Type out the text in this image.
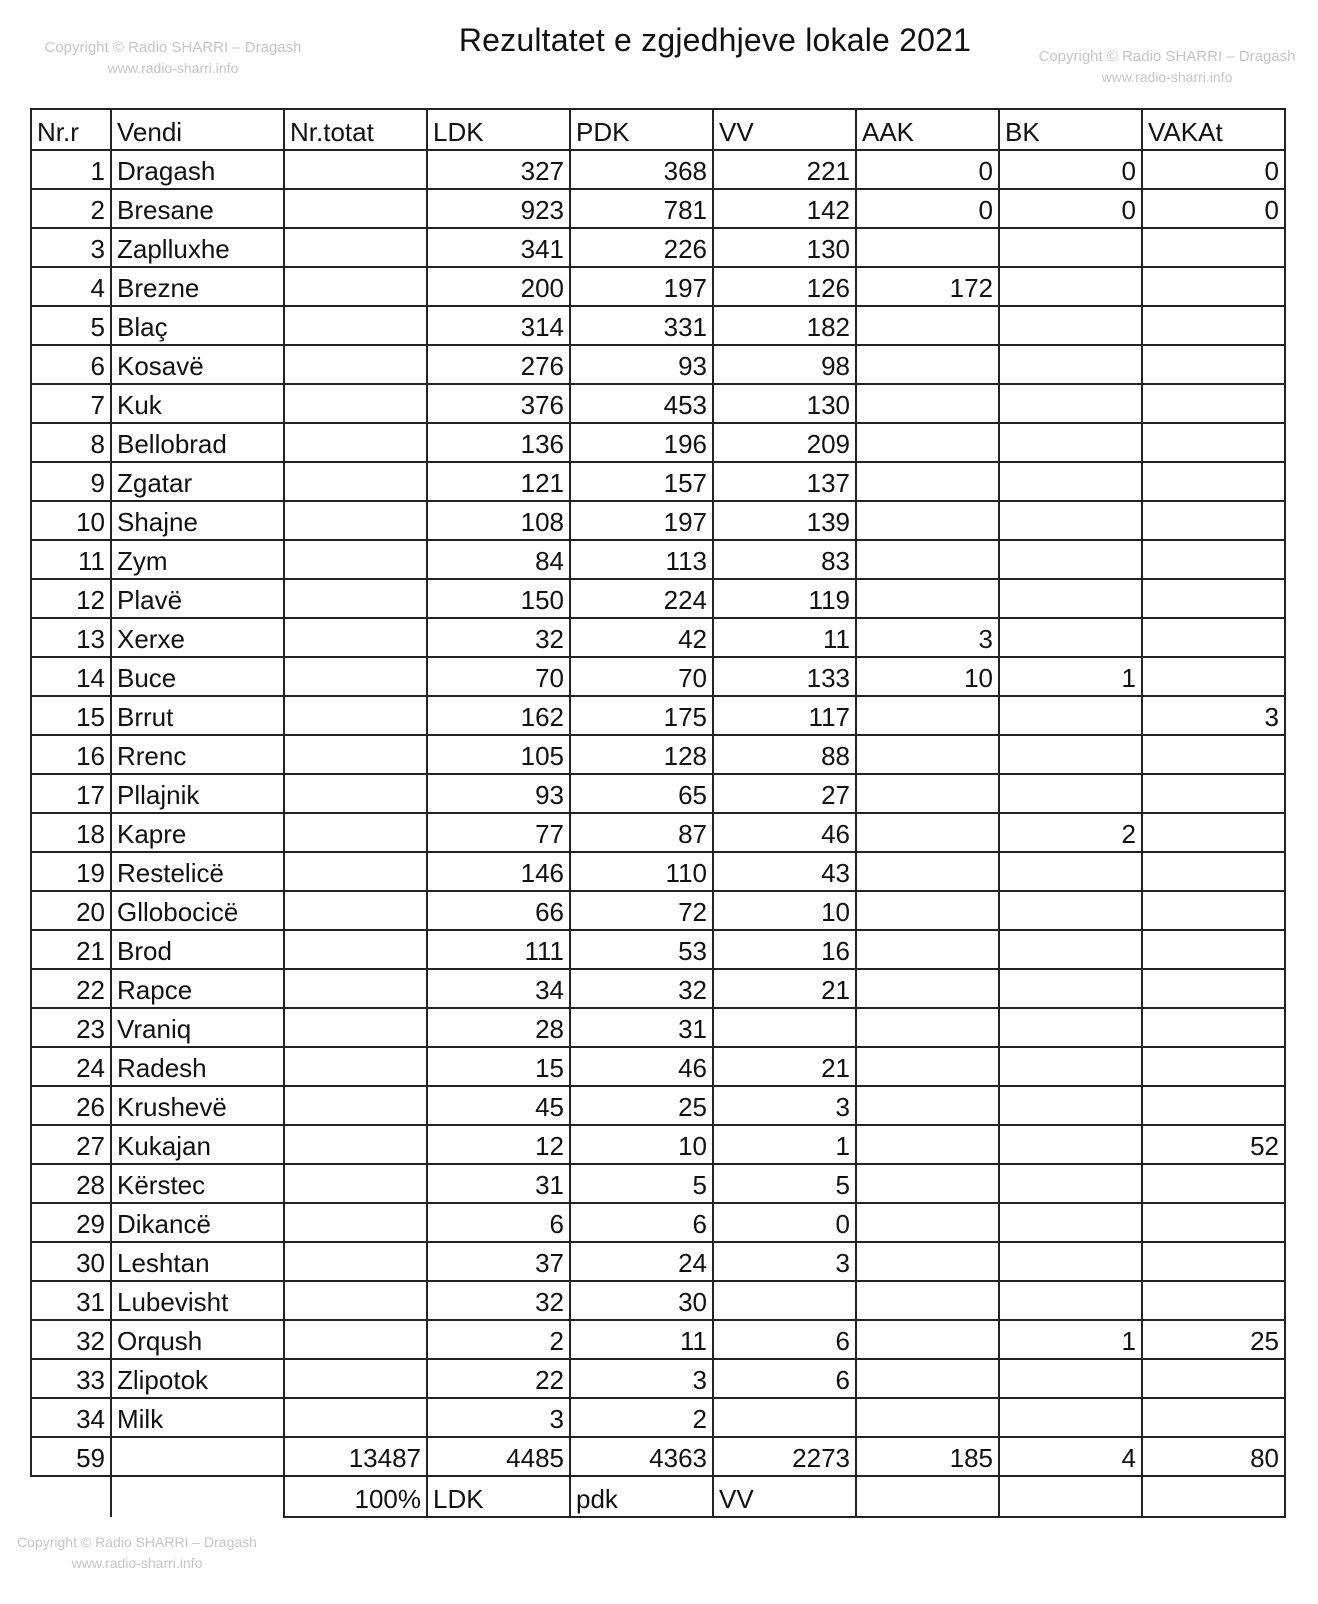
Rezultatet e zgjedhjeve lokale 2021
Copyright © Radio SHARRI – Dragash
www.radio-sharri.info
Copyright © Radio SHARRI – Dragash
www.radio-sharri.info
Copyright © Radio SHARRI – Dragash
www.radio-sharri.info
Nr.r	Vendi	Nr.totat	LDK	PDK	VV	AAK	BK	VAKAt
1	Dragash		327	368	221	0	0	0
2	Bresane		923	781	142	0	0	0
3	Zaplluxhe		341	226	130			
4	Brezne		200	197	126	172		
5	Blaç		314	331	182			
6	Kosavë		276	93	98			
7	Kuk		376	453	130			
8	Bellobrad		136	196	209			
9	Zgatar		121	157	137			
10	Shajne		108	197	139			
11	Zym		84	113	83			
12	Plavë		150	224	119			
13	Xerxe		32	42	11	3		
14	Buce		70	70	133	10	1	
15	Brrut		162	175	117			3
16	Rrenc		105	128	88			
17	Pllajnik		93	65	27			
18	Kapre		77	87	46		2	
19	Restelicë		146	110	43			
20	Gllobocicë		66	72	10			
21	Brod		111	53	16			
22	Rapce		34	32	21			
23	Vraniq		28	31				
24	Radesh		15	46	21			
26	Krushevë		45	25	3			
27	Kukajan		12	10	1			52
28	Kërstec		31	5	5			
29	Dikancë		6	6	0			
30	Leshtan		37	24	3			
31	Lubevisht		32	30				
32	Orqush		2	11	6		1	25
33	Zlipotok		22	3	6			
34	Milk		3	2				
59		13487	4485	4363	2273	185	4	80
		100%	LDK	pdk	VV			
